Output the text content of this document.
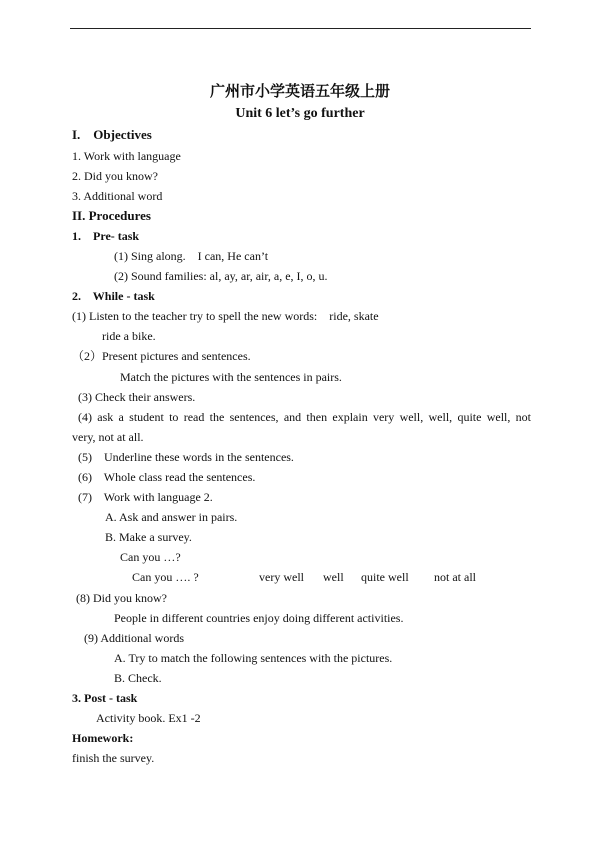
广州市小学英语五年级上册
Unit 6 let’s go further
I.    Objectives
1. Work with language
2. Did you know?
3. Additional word
II. Procedures
1.    Pre- task
(1) Sing along.    I can, He can’t
(2) Sound families: al, ay, ar, air, a, e, I, o, u.
2.    While - task
(1) Listen to the teacher try to spell the new words:    ride, skate
ride a bike.
（2）Present pictures and sentences.
Match the pictures with the sentences in pairs.
(3) Check their answers.
(4) ask a student to read the sentences, and then explain very well, well, quite well, not
very, not at all.
(5)    Underline these words in the sentences.
(6)    Whole class read the sentences.
(7)    Work with language 2.
A. Ask and answer in pairs.
B. Make a survey.
Can you …?
Can you …. ?	very well well quite well not at all
(8) Did you know?
People in different countries enjoy doing different activities.
(9) Additional words
A. Try to match the following sentences with the pictures.
B. Check.
3. Post - task
Activity book. Ex1 -2
Homework:
finish the survey.
